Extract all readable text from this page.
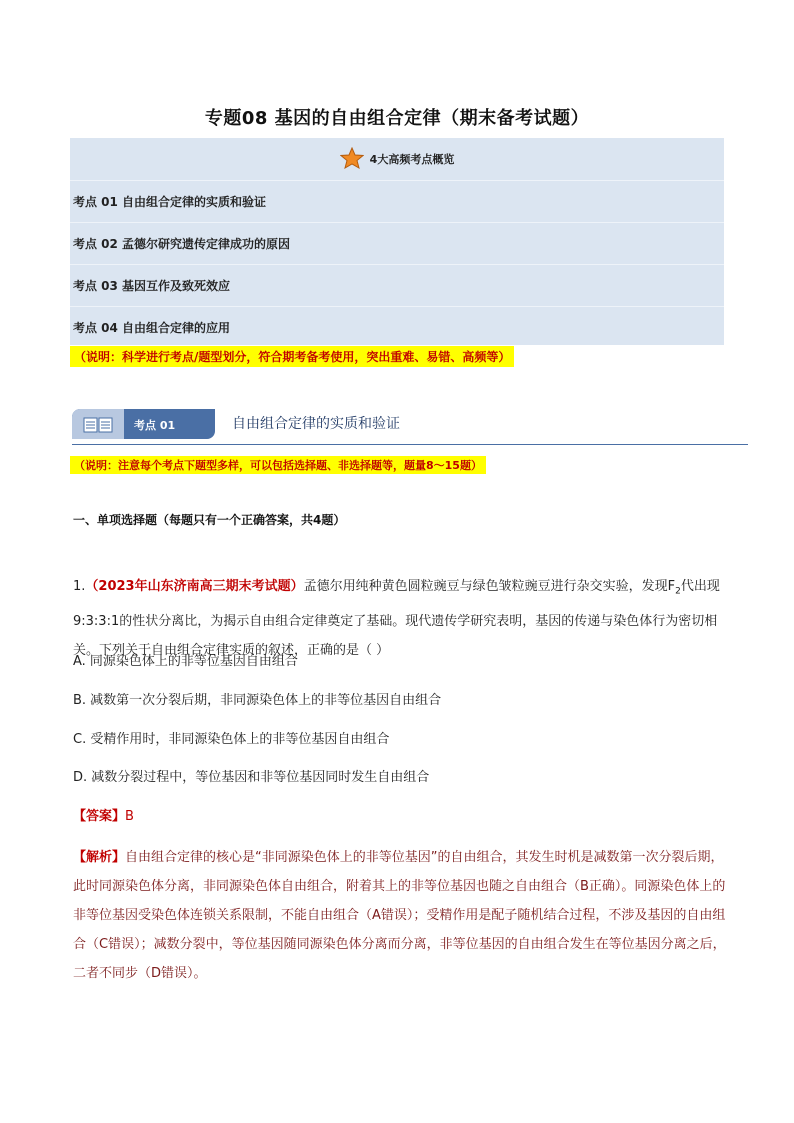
专题08 基因的自由组合定律（期末备考试题）
4大高频考点概览
考点 01 自由组合定律的实质和验证
考点 02 孟德尔研究遗传定律成功的原因
考点 03 基因互作及致死效应
考点 04 自由组合定律的应用
（说明：科学进行考点/题型划分，符合期考备考使用，突出重难、易错、高频等）
考点 01	自由组合定律的实质和验证
（说明：注意每个考点下题型多样，可以包括选择题、非选择题等，题量8～15题）
一、单项选择题（每题只有一个正确答案，共4题）
1.（2023年山东济南高三期末考试题）孟德尔用纯种黄色圆粒豌豆与绿色皱粒豌豆进行杂交实验，发现$F_2$代出现9:3:3:1的性状分离比，为揭示自由组合定律奠定了基础。现代遗传学研究表明，基因的传递与染色体行为密切相关。下列关于自由组合定律实质的叙述，正确的是（ ）
A. 同源染色体上的非等位基因自由组合
B. 减数第一次分裂后期，非同源染色体上的非等位基因自由组合
C. 受精作用时，非同源染色体上的非等位基因自由组合
D. 减数分裂过程中，等位基因和非等位基因同时发生自由组合
【答案】B
【解析】自由组合定律的核心是“非同源染色体上的非等位基因”的自由组合，其发生时机是减数第一次分裂后期，此时同源染色体分离，非同源染色体自由组合，附着其上的非等位基因也随之自由组合（B正确）。同源染色体上的非等位基因受染色体连锁关系限制，不能自由组合（A错误）；受精作用是配子随机结合过程，不涉及基因的自由组合（C错误）；减数分裂中，等位基因随同源染色体分离而分离，非等位基因的自由组合发生在等位基因分离之后，二者不同步（D错误）。
